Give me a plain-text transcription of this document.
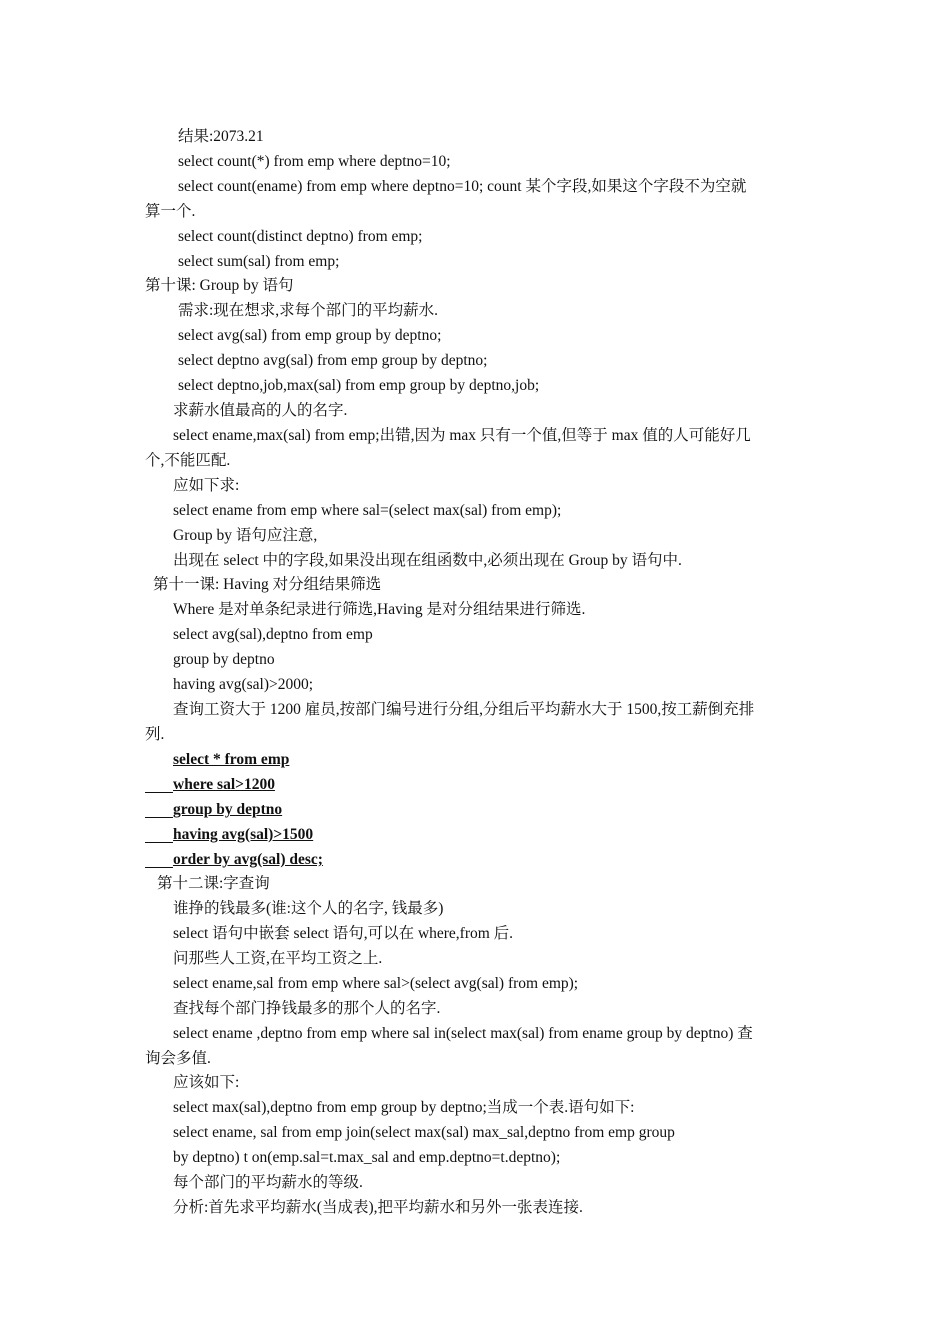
结果:2073.21
select count(*) from emp where deptno=10;
select count(ename) from emp where deptno=10; count 某个字段,如果这个字段不为空就
算一个.
select count(distinct deptno) from emp;
select sum(sal) from emp;
第十课: Group by 语句
需求:现在想求,求每个部门的平均薪水.
select avg(sal) from emp group by deptno;
select deptno avg(sal) from emp group by deptno;
select deptno,job,max(sal) from emp group by deptno,job;
求薪水值最高的人的名字.
select ename,max(sal) from emp;出错,因为 max 只有一个值,但等于 max 值的人可能好几
个,不能匹配.
应如下求:
select ename from emp where sal=(select max(sal) from emp);
Group by 语句应注意,
出现在 select 中的字段,如果没出现在组函数中,必须出现在 Group by 语句中.
第十一课: Having 对分组结果筛选
Where 是对单条纪录进行筛选,Having 是对分组结果进行筛选.
select avg(sal),deptno from emp
group by deptno
having avg(sal)>2000;
查询工资大于 1200 雇员,按部门编号进行分组,分组后平均薪水大于 1500,按工薪倒充排
列.
select * from emp
where sal>1200
group by deptno
having avg(sal)>1500
order by avg(sal) desc;
第十二课:字查询
谁挣的钱最多(谁:这个人的名字, 钱最多)
select 语句中嵌套 select 语句,可以在 where,from 后.
问那些人工资,在平均工资之上.
select ename,sal from emp where sal>(select avg(sal) from emp);
查找每个部门挣钱最多的那个人的名字.
select ename ,deptno from emp where sal in(select max(sal) from ename group by deptno) 查
询会多值.
应该如下:
select max(sal),deptno from emp group by deptno;当成一个表.语句如下:
select ename, sal from emp join(select max(sal) max_sal,deptno from emp group
by deptno) t on(emp.sal=t.max_sal and emp.deptno=t.deptno);
每个部门的平均薪水的等级.
分析:首先求平均薪水(当成表),把平均薪水和另外一张表连接.
